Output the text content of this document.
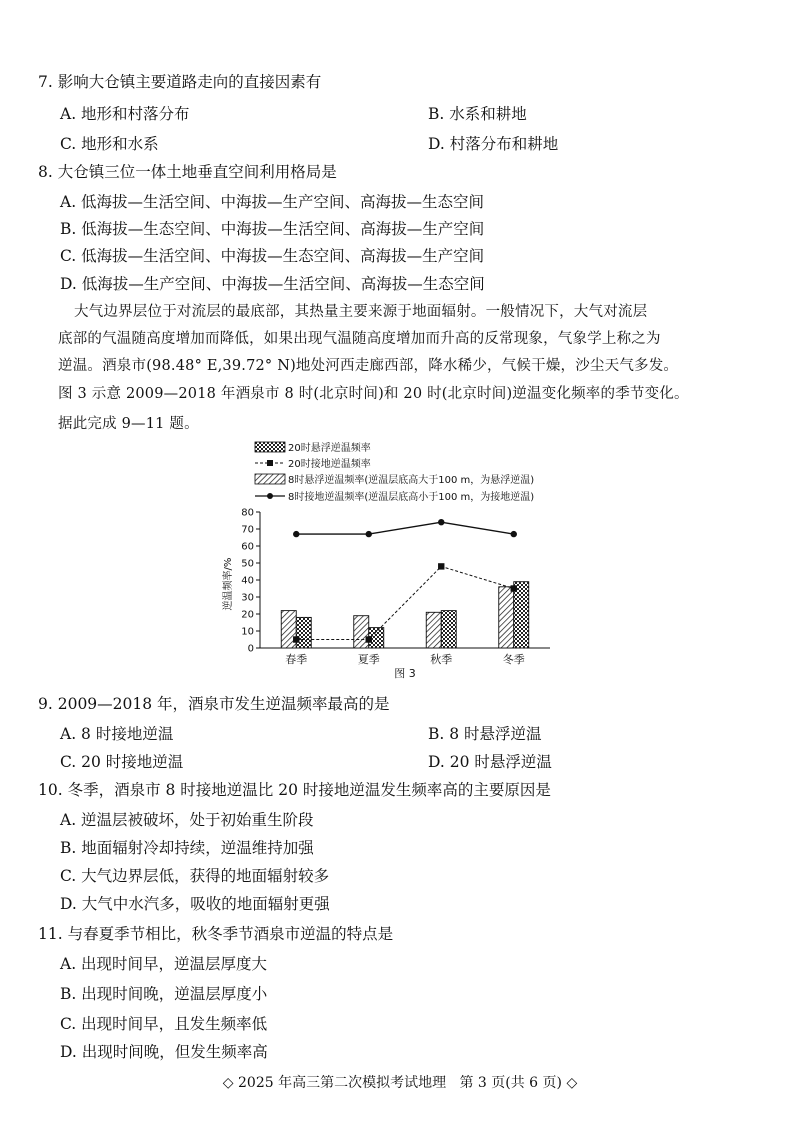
7. 影响大仓镇主要道路走向的直接因素有
A. 地形和村落分布	B. 水系和耕地
C. 地形和水系	D. 村落分布和耕地
8. 大仓镇三位一体土地垂直空间利用格局是
A. 低海拔—生活空间、中海拔—生产空间、高海拔—生态空间
B. 低海拔—生态空间、中海拔—生活空间、高海拔—生产空间
C. 低海拔—生活空间、中海拔—生态空间、高海拔—生产空间
D. 低海拔—生产空间、中海拔—生活空间、高海拔—生态空间
大气边界层位于对流层的最底部，其热量主要来源于地面辐射。一般情况下，大气对流层
底部的气温随高度增加而降低，如果出现气温随高度增加而升高的反常现象，气象学上称之为
逆温。酒泉市(98.48° E,39.72° N)地处河西走廊西部，降水稀少，气候干燥，沙尘天气多发。
图 3 示意 2009—2018 年酒泉市 8 时(北京时间)和 20 时(北京时间)逆温变化频率的季节变化。
据此完成 9—11 题。
20时悬浮逆温频率
20时接地逆温频率
8时悬浮逆温频率(逆温层底高大于100 m，为悬浮逆温)
8时接地逆温频率(逆温层底高小于100 m，为接地逆温)
0
10
20
30
40
50
60
70
80
春季	夏季	秋季	冬季
逆温频率/%
图 3
9. 2009—2018 年，酒泉市发生逆温频率最高的是
A. 8 时接地逆温	B. 8 时悬浮逆温
C. 20 时接地逆温	D. 20 时悬浮逆温
10. 冬季，酒泉市 8 时接地逆温比 20 时接地逆温发生频率高的主要原因是
A. 逆温层被破坏，处于初始重生阶段
B. 地面辐射冷却持续，逆温维持加强
C. 大气边界层低，获得的地面辐射较多
D. 大气中水汽多，吸收的地面辐射更强
11. 与春夏季节相比，秋冬季节酒泉市逆温的特点是
A. 出现时间早，逆温层厚度大
B. 出现时间晚，逆温层厚度小
C. 出现时间早，且发生频率低
D. 出现时间晚，但发生频率高
◇ 2025 年高三第二次模拟考试地理 第 3 页(共 6 页) ◇
